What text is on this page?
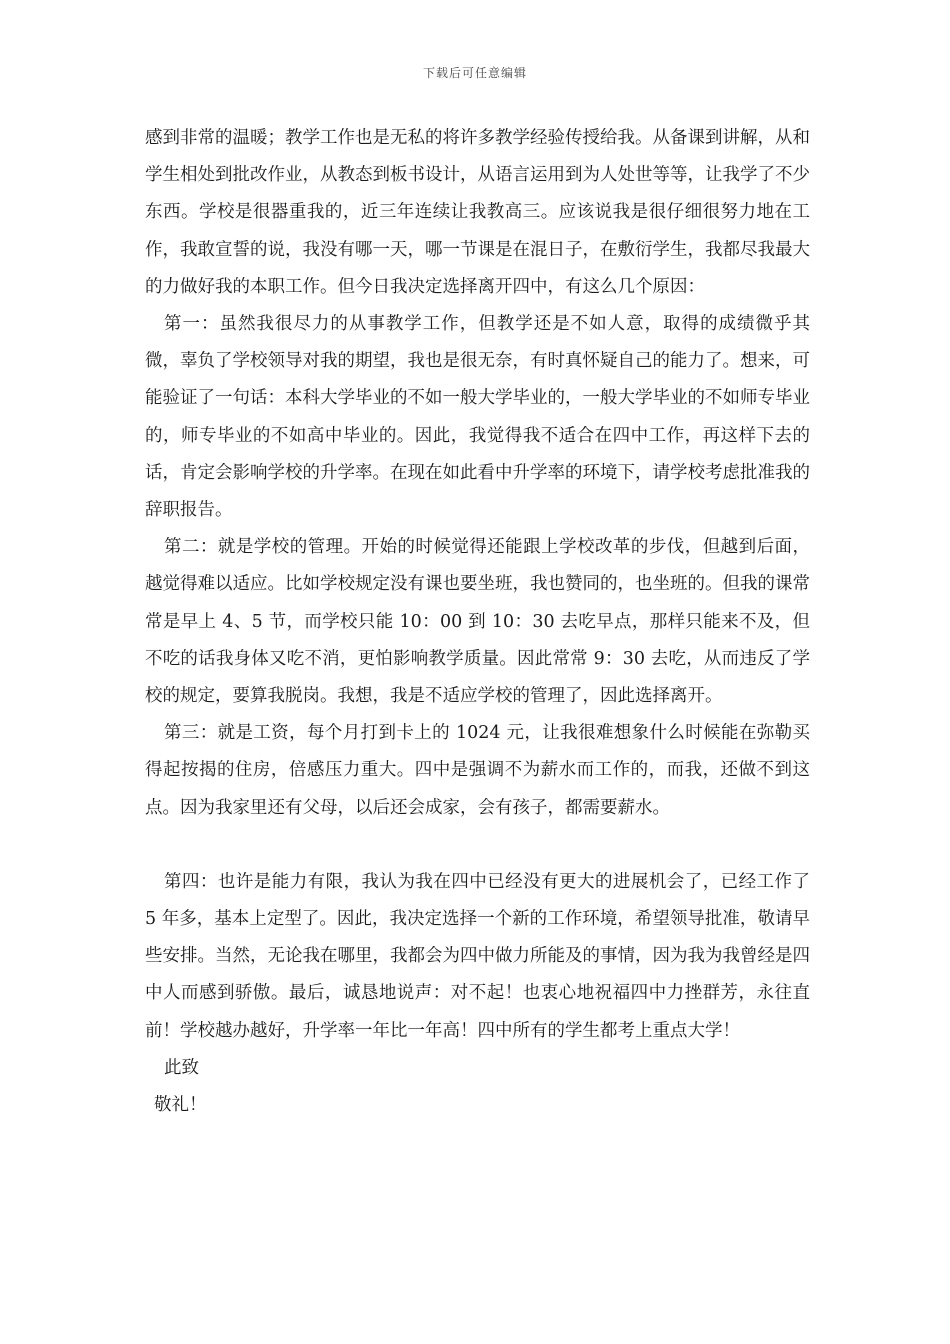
下载后可任意编辑

感到非常的温暖；教学工作也是无私的将许多教学经验传授给我。从备课到讲解，从和学生相处到批改作业，从教态到板书设计，从语言运用到为人处世等等，让我学了不少东西。学校是很器重我的，近三年连续让我教高三。应该说我是很仔细很努力地在工作，我敢宣誓的说，我没有哪一天，哪一节课是在混日子，在敷衍学生，我都尽我最大的力做好我的本职工作。但今日我决定选择离开四中，有这么几个原因：

第一：虽然我很尽力的从事教学工作，但教学还是不如人意，取得的成绩微乎其微，辜负了学校领导对我的期望，我也是很无奈，有时真怀疑自己的能力了。想来，可能验证了一句话：本科大学毕业的不如一般大学毕业的，一般大学毕业的不如师专毕业的，师专毕业的不如高中毕业的。因此，我觉得我不适合在四中工作，再这样下去的话，肯定会影响学校的升学率。在现在如此看中升学率的环境下，请学校考虑批准我的辞职报告。

第二：就是学校的管理。开始的时候觉得还能跟上学校改革的步伐，但越到后面，越觉得难以适应。比如学校规定没有课也要坐班，我也赞同的，也坐班的。但我的课常常是早上 4、5 节，而学校只能 10：00 到 10：30 去吃早点，那样只能来不及，但不吃的话我身体又吃不消，更怕影响教学质量。因此常常 9：30 去吃，从而违反了学校的规定，要算我脱岗。我想，我是不适应学校的管理了，因此选择离开。

第三：就是工资，每个月打到卡上的 1024 元，让我很难想象什么时候能在弥勒买得起按揭的住房，倍感压力重大。四中是强调不为薪水而工作的，而我，还做不到这点。因为我家里还有父母，以后还会成家，会有孩子，都需要薪水。

第四：也许是能力有限，我认为我在四中已经没有更大的进展机会了，已经工作了 5 年多，基本上定型了。因此，我决定选择一个新的工作环境，希望领导批准，敬请早些安排。当然，无论我在哪里，我都会为四中做力所能及的事情，因为我为我曾经是四中人而感到骄傲。最后，诚恳地说声：对不起！也衷心地祝福四中力挫群芳，永往直前！学校越办越好，升学率一年比一年高！四中所有的学生都考上重点大学！

此致

敬礼！
